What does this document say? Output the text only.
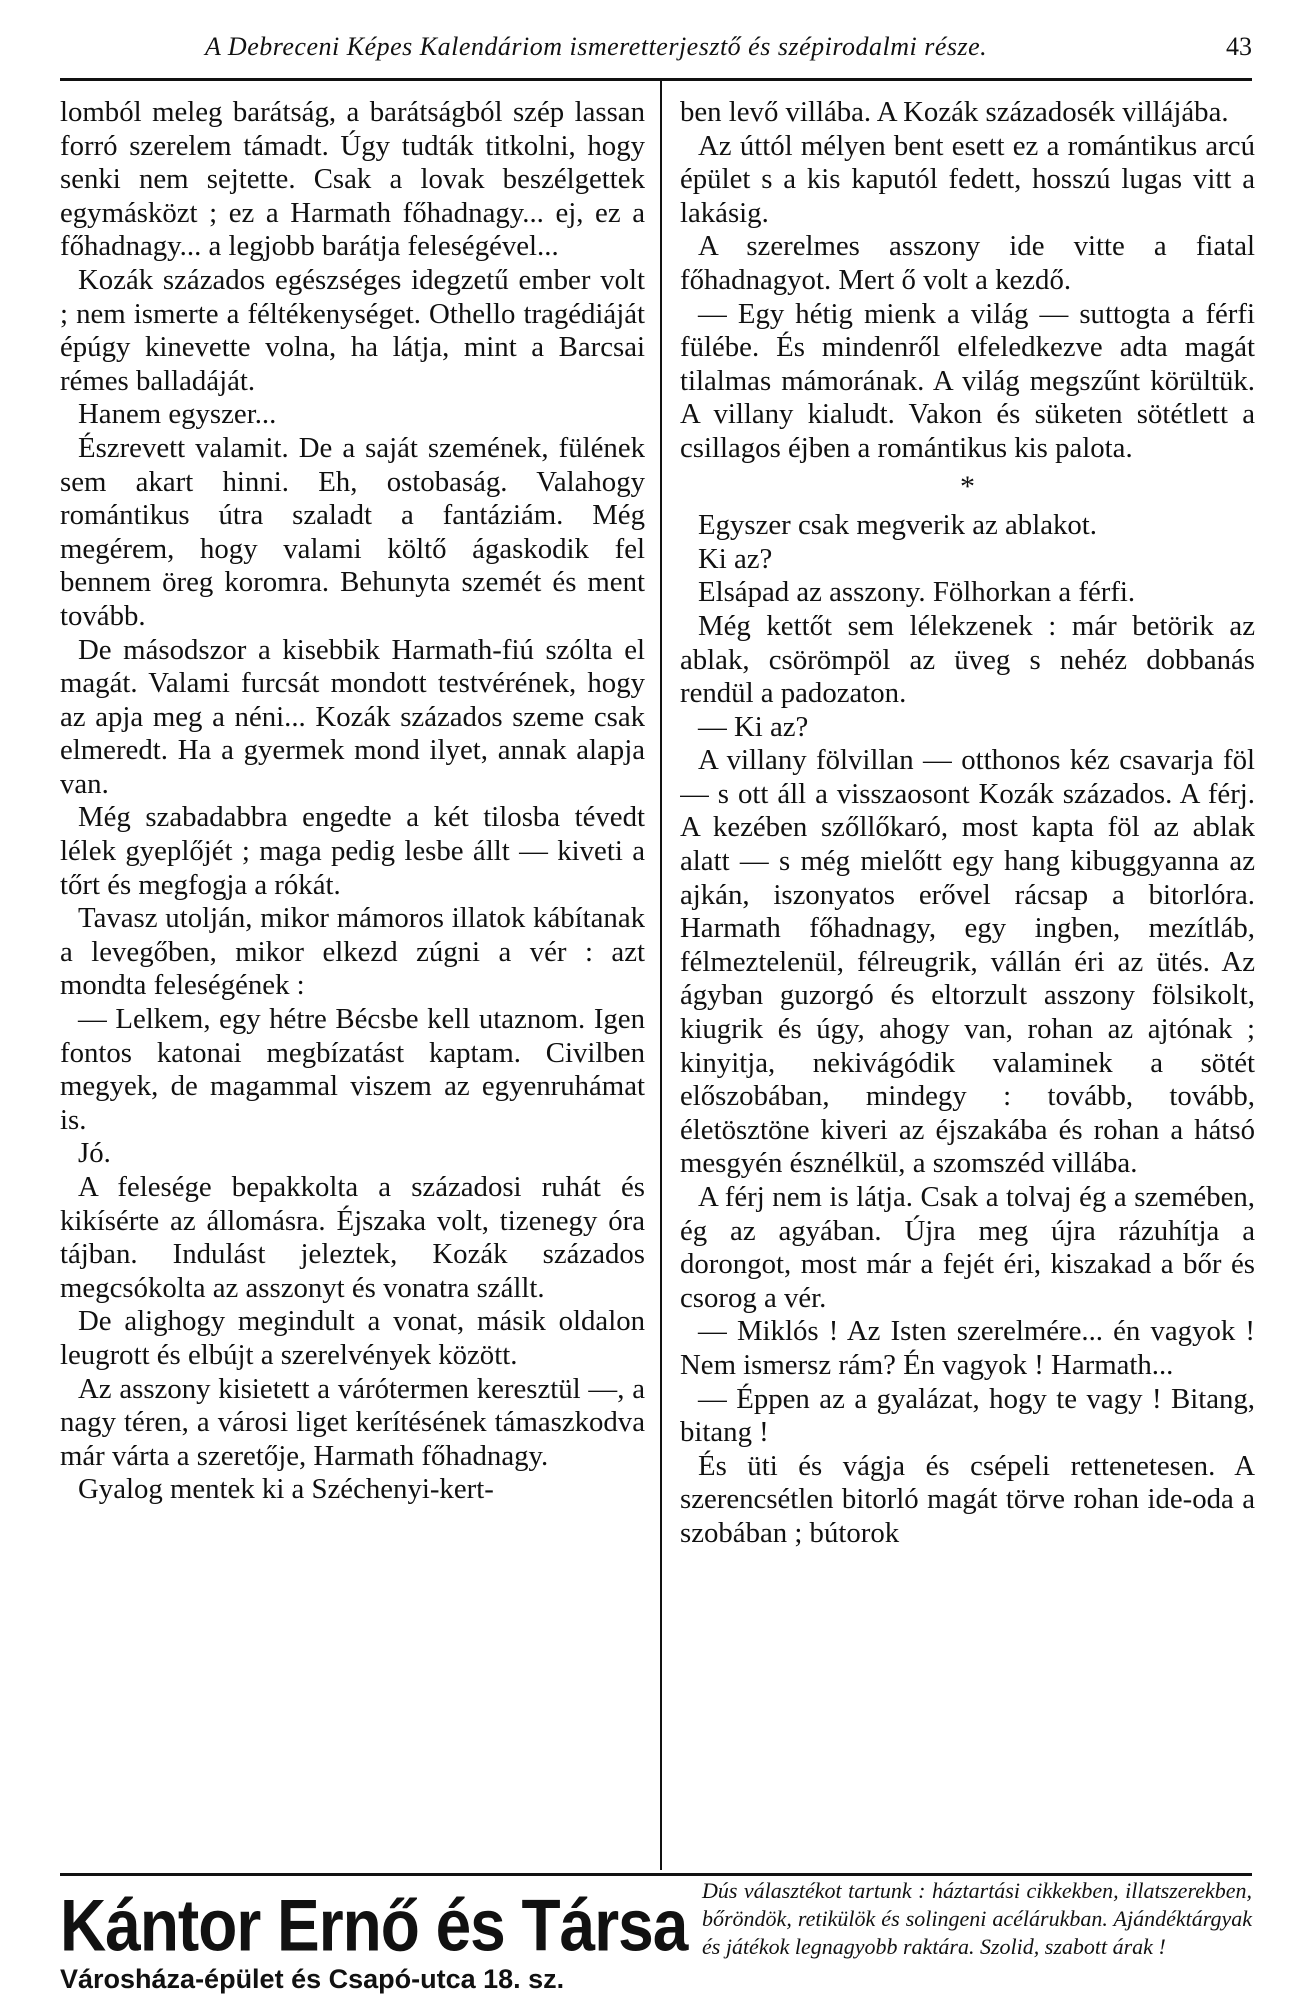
A Debreceni Képes Kalendáriom ismeretterjesztő és szépirodalmi része.	43

lomból meleg barátság, a barátságból szép lassan forró szerelem támadt. Úgy tudták titkolni, hogy senki nem sejtette. Csak a lovak beszélgettek egymásközt ; ez a Harmath főhadnagy... ej, ez a főhadnagy... a legjobb barátja feleségével...

Kozák százados egészséges idegzetű ember volt ; nem ismerte a féltékenységet. Othello tragédiáját épúgy kinevette volna, ha látja, mint a Barcsai rémes balladáját.

Hanem egyszer...

Észrevett valamit. De a saját szemének, fülének sem akart hinni. Eh, ostobaság. Valahogy romántikus útra szaladt a fantáziám. Még megérem, hogy valami költő ágaskodik fel bennem öreg koromra. Behunyta szemét és ment tovább.

De másodszor a kisebbik Harmath-fiú szólta el magát. Valami furcsát mondott testvérének, hogy az apja meg a néni... Kozák százados szeme csak elmeredt. Ha a gyermek mond ilyet, annak alapja van.

Még szabadabbra engedte a két tilosba tévedt lélek gyeplőjét ; maga pedig lesbe állt — kiveti a tőrt és megfogja a rókát.

Tavasz utolján, mikor mámoros illatok kábítanak a levegőben, mikor elkezd zúgni a vér : azt mondta feleségének :

— Lelkem, egy hétre Bécsbe kell utaznom. Igen fontos katonai megbízatást kaptam. Civilben megyek, de magammal viszem az egyenruhámat is.

Jó.

A felesége bepakkolta a századosi ruhát és kikísérte az állomásra. Éjszaka volt, tizenegy óra tájban. Indulást jeleztek, Kozák százados megcsókolta az asszonyt és vonatra szállt.

De alighogy megindult a vonat, másik oldalon leugrott és elbújt a szerelvények között.

Az asszony kisietett a várótermen keresztül —, a nagy téren, a városi liget kerítésének támaszkodva már várta a szeretője, Harmath főhadnagy.

Gyalog mentek ki a Széchenyi-kert-

ben levő villába. A Kozák századosék villájába.

Az úttól mélyen bent esett ez a romántikus arcú épület s a kis kaputól fedett, hosszú lugas vitt a lakásig.

A szerelmes asszony ide vitte a fiatal főhadnagyot. Mert ő volt a kezdő.

— Egy hétig mienk a világ — suttogta a férfi fülébe. És mindenről elfeledkezve adta magát tilalmas mámorának. A világ megszűnt körültük. A villany kialudt. Vakon és süketen sötétlett a csillagos éjben a romántikus kis palota.

*

Egyszer csak megverik az ablakot.

Ki az?

Elsápad az asszony. Fölhorkan a férfi.

Még kettőt sem lélekzenek : már betörik az ablak, csörömpöl az üveg s nehéz dobbanás rendül a padozaton.

— Ki az?

A villany fölvillan — otthonos kéz csavarja föl — s ott áll a visszaosont Kozák százados. A férj. A kezében szőllőkaró, most kapta föl az ablak alatt — s még mielőtt egy hang kibuggyanna az ajkán, iszonyatos erővel rácsap a bitorlóra. Harmath főhadnagy, egy ingben, mezítláb, félmeztelenül, félreugrik, vállán éri az ütés. Az ágyban guzorgó és eltorzult asszony fölsikolt, kiugrik és úgy, ahogy van, rohan az ajtónak ; kinyitja, nekivágódik valaminek a sötét előszobában, mindegy : tovább, tovább, életösztöne kiveri az éjszakába és rohan a hátsó mesgyén észnélkül, a szomszéd villába.

A férj nem is látja. Csak a tolvaj ég a szemében, ég az agyában. Újra meg újra rázuhítja a dorongot, most már a fejét éri, kiszakad a bőr és csorog a vér.

— Miklós ! Az Isten szerelmére... én vagyok ! Nem ismersz rám? Én vagyok ! Harmath...

— Éppen az a gyalázat, hogy te vagy ! Bitang, bitang !

És üti és vágja és csépeli rettenetesen. A szerencsétlen bitorló magát törve rohan ide-oda a szobában ; bútorok

Kántor Ernő és Társa
Városháza-épület és Csapó-utca 18. sz.
Dús választékot tartunk : háztartási cikkekben, illatszerekben, bőröndök, retikülök és solingeni acélárukban. Ajándéktárgyak és játékok legnagyobb raktára. Szolid, szabott árak !
